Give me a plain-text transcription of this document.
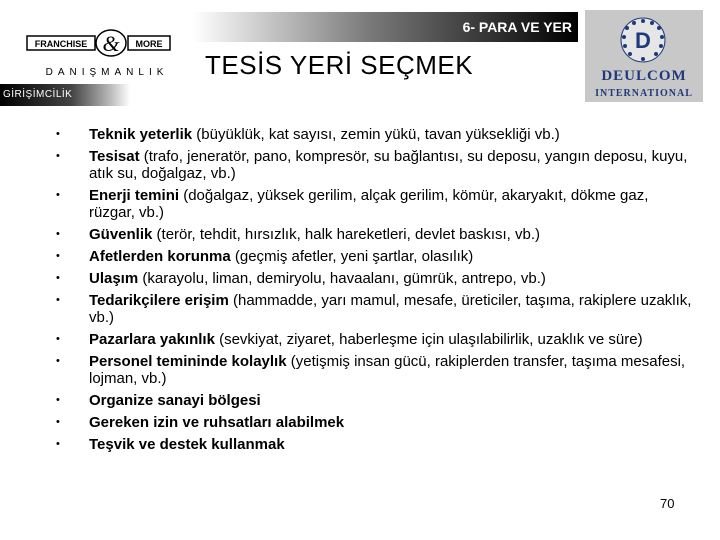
6- PARA VE YER
FRANCHISE & MORE
DANIŞMANLIK
D
DEULCOM
INTERNATIONAL
TESİS YERİ SEÇMEK
GİRİŞİMCİLİK
• Teknik yeterlik (büyüklük, kat sayısı, zemin yükü, tavan yüksekliği vb.)
• Tesisat (trafo, jeneratör, pano, kompresör, su bağlantısı, su deposu, yangın deposu, kuyu, atık su, doğalgaz, vb.)
• Enerji temini (doğalgaz, yüksek gerilim, alçak gerilim, kömür, akaryakıt, dökme gaz, rüzgar, vb.)
• Güvenlik (terör, tehdit, hırsızlık, halk hareketleri, devlet baskısı, vb.)
• Afetlerden korunma (geçmiş afetler, yeni şartlar, olasılık)
• Ulaşım (karayolu, liman, demiryolu, havaalanı, gümrük, antrepo, vb.)
• Tedarikçilere erişim (hammadde, yarı mamul, mesafe, üreticiler, taşıma, rakiplere uzaklık, vb.)
• Pazarlara yakınlık (sevkiyat, ziyaret, haberleşme için ulaşılabilirlik, uzaklık ve süre)
• Personel temininde kolaylık (yetişmiş insan gücü, rakiplerden transfer, taşıma mesafesi, lojman, vb.)
• Organize sanayi bölgesi
• Gereken izin ve ruhsatları alabilmek
• Teşvik ve destek kullanmak
70
